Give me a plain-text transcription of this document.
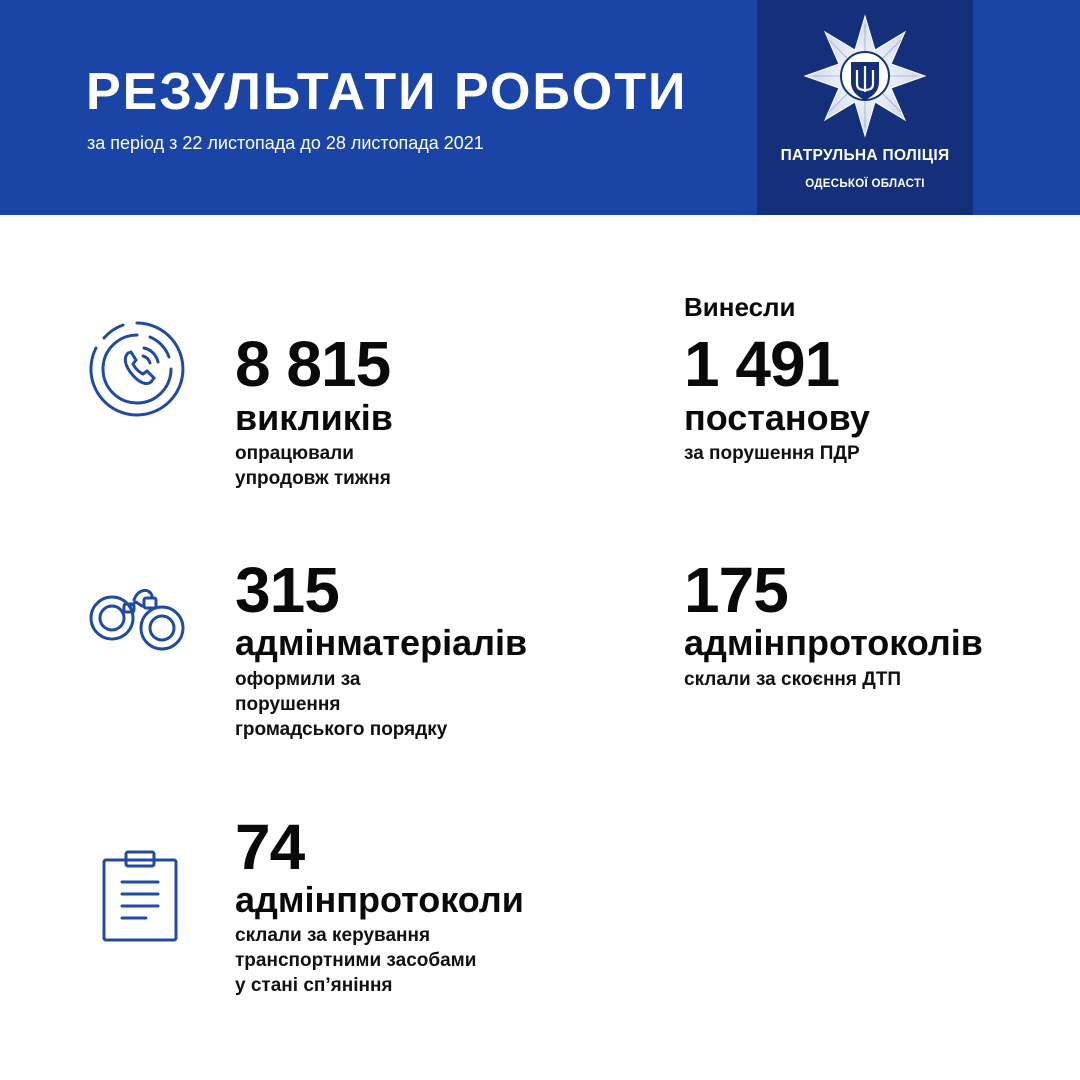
РЕЗУЛЬТАТИ РОБОТИ
за період з 22 листопада до 28 листопада 2021
ПАТРУЛЬНА ПОЛІЦІЯ
ОДЕСЬКОЇ ОБЛАСТІ
8 815
викликів
опрацювали
упродовж тижня
Винесли
1 491
постанову
за порушення ПДР
315
адмінматеріалів
оформили за
порушення
громадського порядку
175
адмінпротоколів
склали за скоєння ДТП
74
адмінпротоколи
склали за керування
транспортними засобами
у стані сп’яніння
